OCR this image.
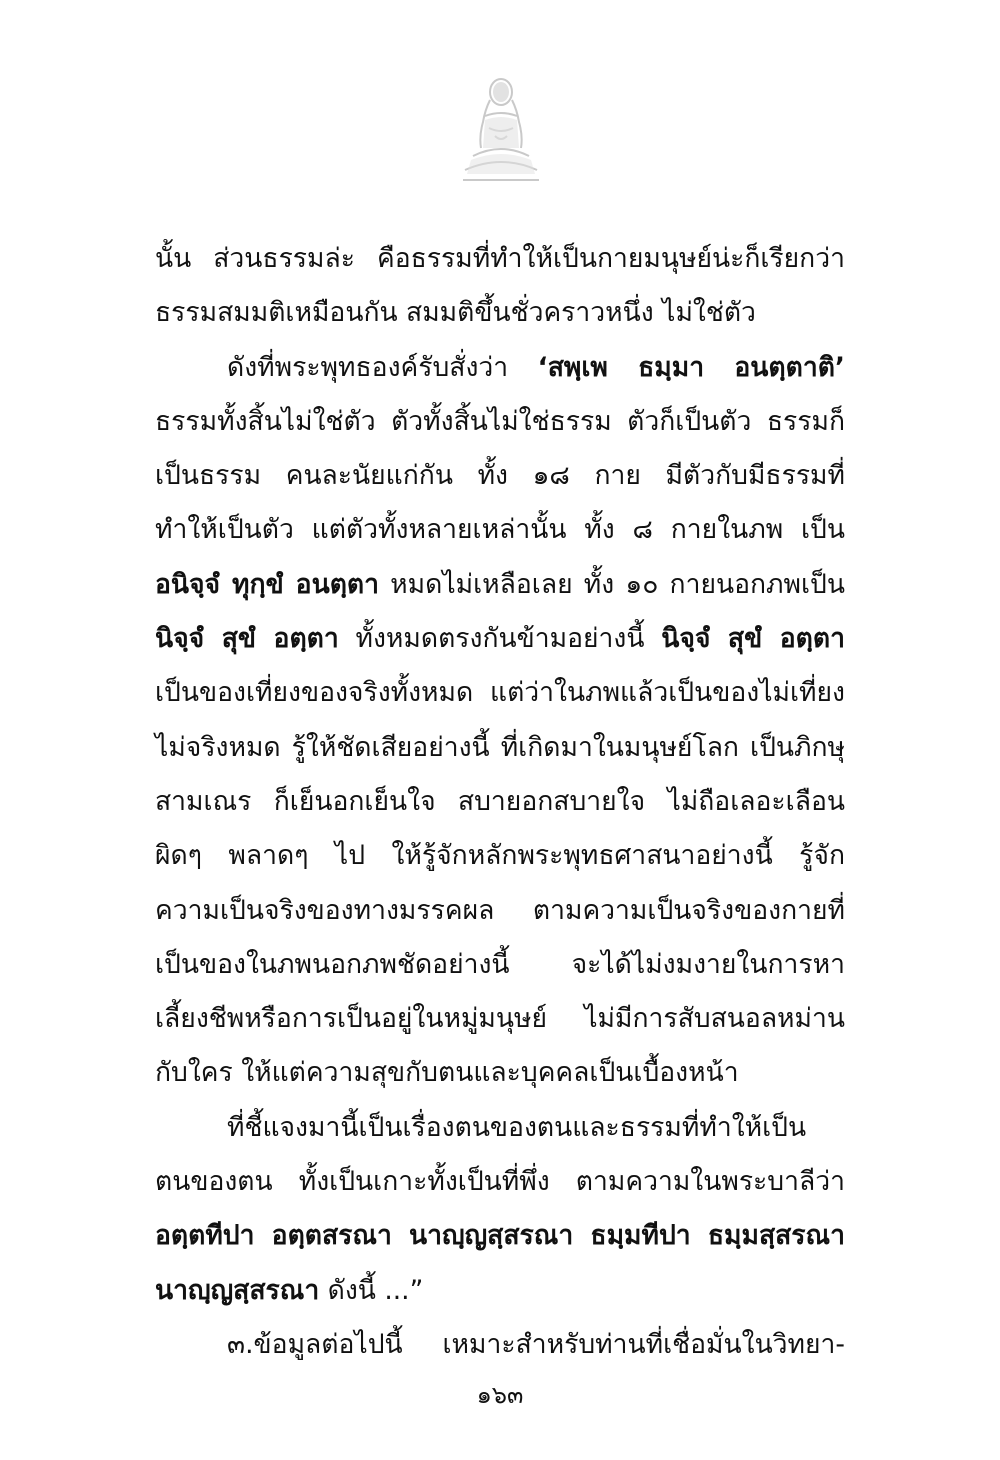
นั้น ส่วนธรรมล่ะ คือธรรมที่ทำให้เป็นกายมนุษย์น่ะก็เรียกว่า
ธรรมสมมติเหมือนกัน สมมติขึ้นชั่วคราวหนึ่ง ไม่ใช่ตัว
ดังที่พระพุทธองค์รับสั่งว่า ‘สพฺเพ ธมฺมา อนตฺตาติ’
ธรรมทั้งสิ้นไม่ใช่ตัว ตัวทั้งสิ้นไม่ใช่ธรรม ตัวก็เป็นตัว ธรรมก็
เป็นธรรม คนละนัยแก่กัน ทั้ง ๑๘ กาย มีตัวกับมีธรรมที่
ทำให้เป็นตัว แต่ตัวทั้งหลายเหล่านั้น ทั้ง ๘ กายในภพ เป็น
อนิจฺจํ ทุกฺขํ อนตฺตา หมดไม่เหลือเลย ทั้ง ๑๐ กายนอกภพเป็น
นิจฺจํ สุขํ อตฺตา ทั้งหมดตรงกันข้ามอย่างนี้ นิจฺจํ สุขํ อตฺตา
เป็นของเที่ยงของจริงทั้งหมด แต่ว่าในภพแล้วเป็นของไม่เที่ยง
ไม่จริงหมด รู้ให้ชัดเสียอย่างนี้ ที่เกิดมาในมนุษย์โลก เป็นภิกษุ
สามเณร ก็เย็นอกเย็นใจ สบายอกสบายใจ ไม่ถือเลอะเลือน
ผิดๆ พลาดๆ ไป ให้รู้จักหลักพระพุทธศาสนาอย่างนี้ รู้จัก
ความเป็นจริงของทางมรรคผล ตามความเป็นจริงของกายที่
เป็นของในภพนอกภพชัดอย่างนี้ จะได้ไม่งมงายในการหา
เลี้ยงชีพหรือการเป็นอยู่ในหมู่มนุษย์ ไม่มีการสับสนอลหม่าน
กับใคร ให้แต่ความสุขกับตนและบุคคลเป็นเบื้องหน้า
ที่ชี้แจงมานี้เป็นเรื่องตนของตนและธรรมที่ทำให้เป็น
ตนของตน ทั้งเป็นเกาะทั้งเป็นที่พึ่ง ตามความในพระบาลีว่า
อตฺตทีปา อตฺตสรณา นาญฺญสฺสรณา ธมฺมทีปา ธมฺมสฺสรณา
นาญฺญสฺสรณา ดังนี้ ...”
๓.ข้อมูลต่อไปนี้ เหมาะสำหรับท่านที่เชื่อมั่นในวิทยา-
๑๖๓
